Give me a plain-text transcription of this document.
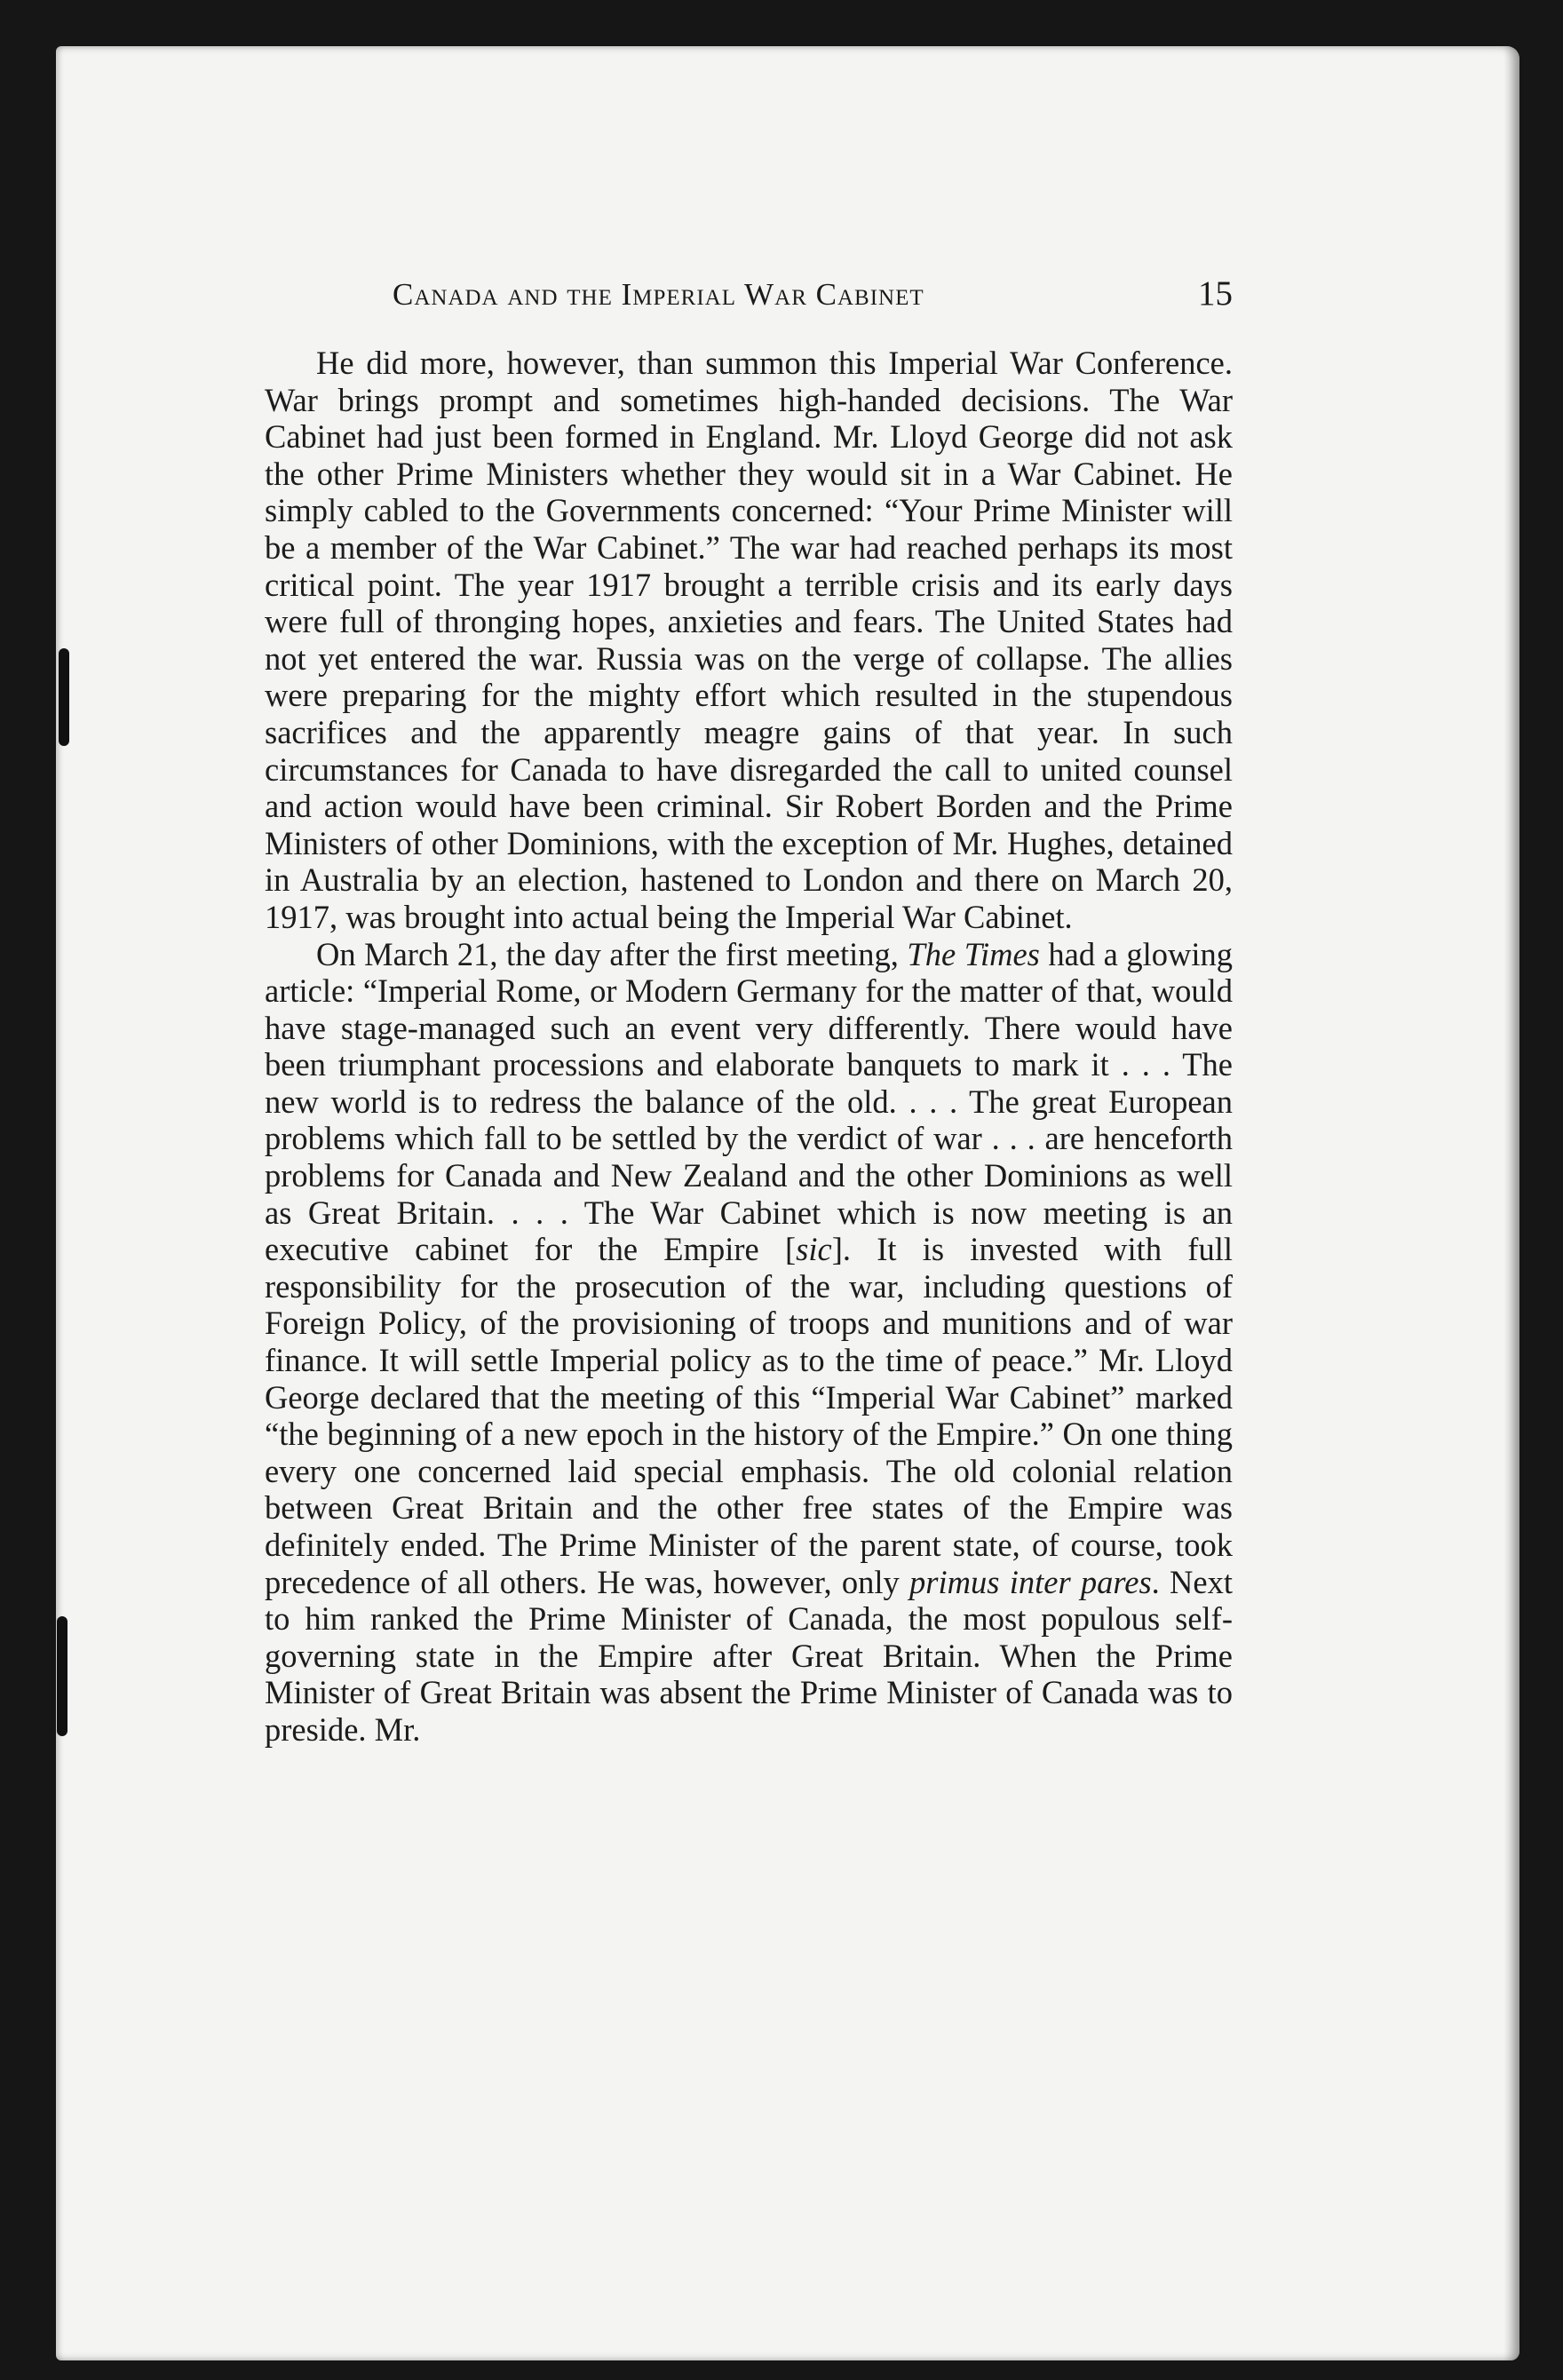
Canada and the Imperial War Cabinet	15

He did more, however, than summon this Imperial War Conference. War brings prompt and sometimes high-handed decisions. The War Cabinet had just been formed in England. Mr. Lloyd George did not ask the other Prime Ministers whether they would sit in a War Cabinet. He simply cabled to the Governments concerned: “Your Prime Minister will be a member of the War Cabinet.” The war had reached perhaps its most critical point. The year 1917 brought a terrible crisis and its early days were full of thronging hopes, anxieties and fears. The United States had not yet entered the war. Russia was on the verge of collapse. The allies were preparing for the mighty effort which resulted in the stupendous sacrifices and the apparently meagre gains of that year. In such circumstances for Canada to have disregarded the call to united counsel and action would have been criminal. Sir Robert Borden and the Prime Ministers of other Dominions, with the exception of Mr. Hughes, detained in Australia by an election, hastened to London and there on March 20, 1917, was brought into actual being the Imperial War Cabinet.

On March 21, the day after the first meeting, The Times had a glowing article: “Imperial Rome, or Modern Germany for the matter of that, would have stage-managed such an event very differently. There would have been triumphant processions and elaborate banquets to mark it . . . The new world is to redress the balance of the old. . . . The great European problems which fall to be settled by the verdict of war . . . are henceforth problems for Canada and New Zealand and the other Dominions as well as Great Britain. . . . The War Cabinet which is now meeting is an executive cabinet for the Empire [sic]. It is invested with full responsibility for the prosecution of the war, including questions of Foreign Policy, of the provisioning of troops and munitions and of war finance. It will settle Imperial policy as to the time of peace.” Mr. Lloyd George declared that the meeting of this “Imperial War Cabinet” marked “the beginning of a new epoch in the history of the Empire.” On one thing every one concerned laid special emphasis. The old colonial relation between Great Britain and the other free states of the Empire was definitely ended. The Prime Minister of the parent state, of course, took precedence of all others. He was, however, only primus inter pares. Next to him ranked the Prime Minister of Canada, the most populous self-governing state in the Empire after Great Britain. When the Prime Minister of Great Britain was absent the Prime Minister of Canada was to preside. Mr.
